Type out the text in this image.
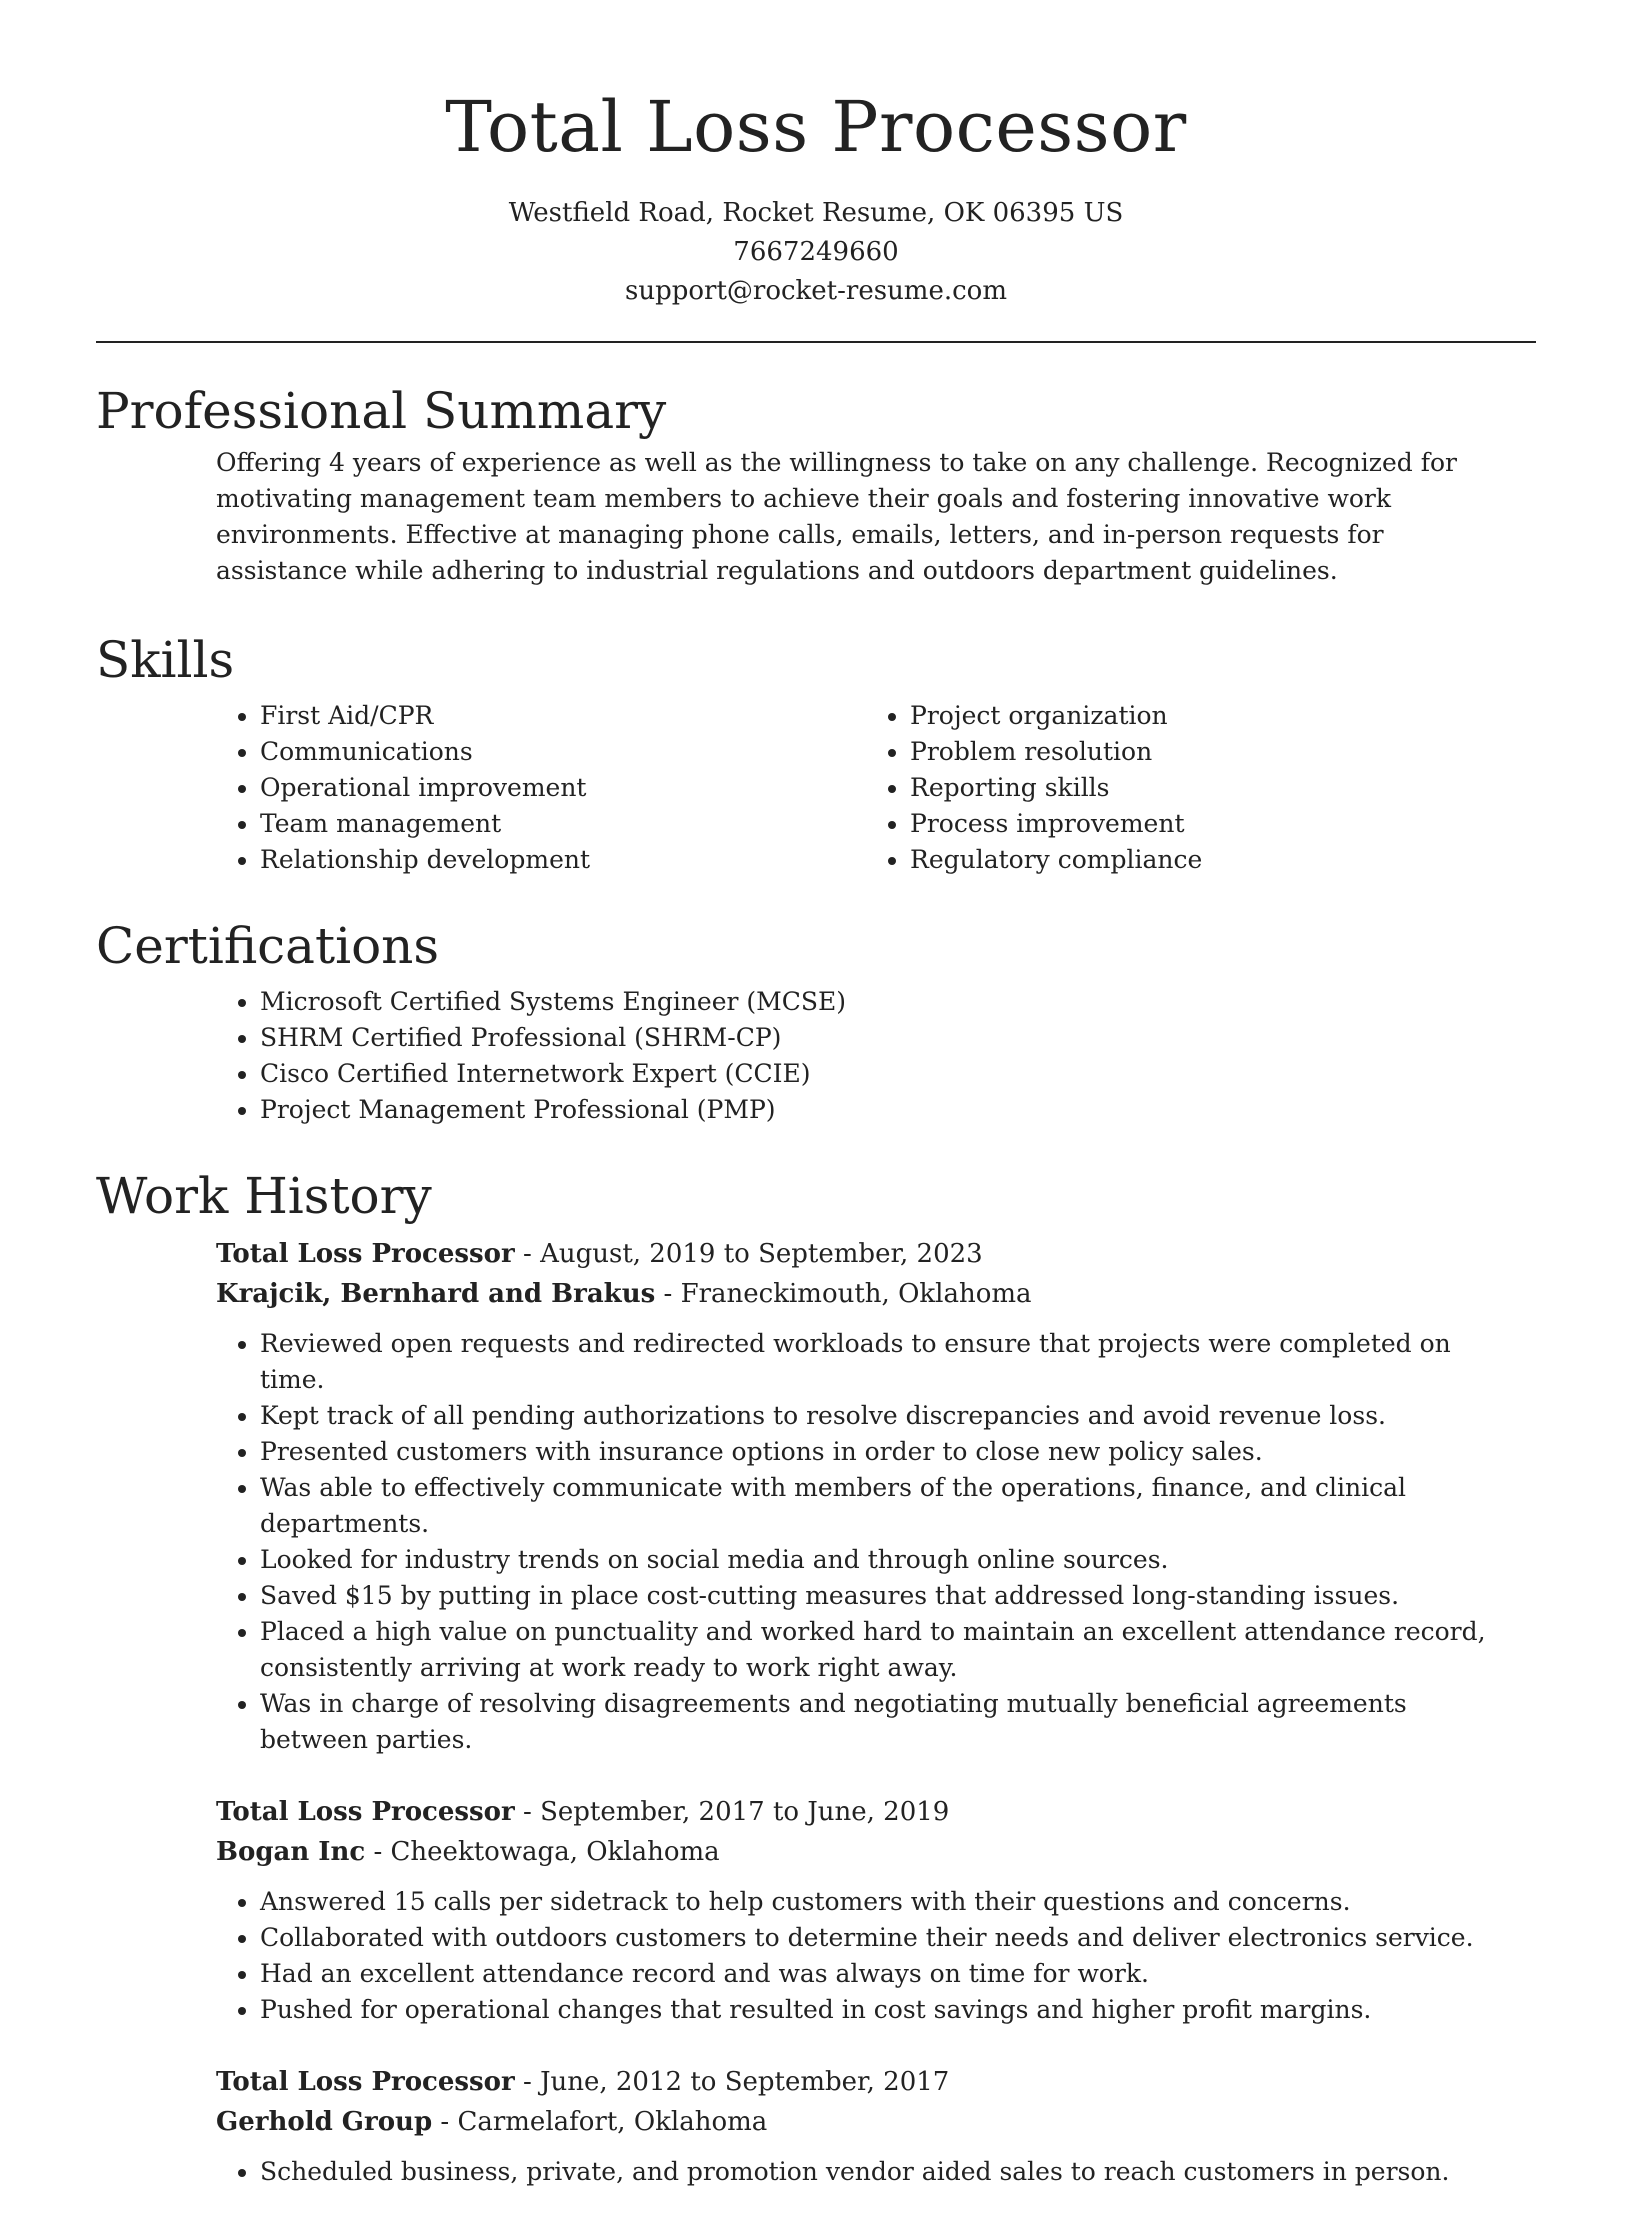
Total Loss Processor
Westfield Road, Rocket Resume, OK 06395 US
7667249660
support@rocket-resume.com
Professional Summary

Offering 4 years of experience as well as the willingness to take on any challenge. Recognized for motivating management team members to achieve their goals and fostering innovative work environments. Effective at managing phone calls, emails, letters, and in-person requests for assistance while adhering to industrial regulations and outdoors department guidelines.

Skills
• First Aid/CPR
• Communications
• Operational improvement
• Team management
• Relationship development
• Project organization
• Problem resolution
• Reporting skills
• Process improvement
• Regulatory compliance
Certifications
• Microsoft Certified Systems Engineer (MCSE)
• SHRM Certified Professional (SHRM-CP)
• Cisco Certified Internetwork Expert (CCIE)
• Project Management Professional (PMP)
Work History
Total Loss Processor - August, 2019 to September, 2023
Krajcik, Bernhard and Brakus - Franeckimouth, Oklahoma
• Reviewed open requests and redirected workloads to ensure that projects were completed on time.
• Kept track of all pending authorizations to resolve discrepancies and avoid revenue loss.
• Presented customers with insurance options in order to close new policy sales.
• Was able to effectively communicate with members of the operations, finance, and clinical departments.
• Looked for industry trends on social media and through online sources.
• Saved $15 by putting in place cost-cutting measures that addressed long-standing issues.
• Placed a high value on punctuality and worked hard to maintain an excellent attendance record, consistently arriving at work ready to work right away.
• Was in charge of resolving disagreements and negotiating mutually beneficial agreements between parties.
Total Loss Processor - September, 2017 to June, 2019
Bogan Inc - Cheektowaga, Oklahoma
• Answered 15 calls per sidetrack to help customers with their questions and concerns.
• Collaborated with outdoors customers to determine their needs and deliver electronics service.
• Had an excellent attendance record and was always on time for work.
• Pushed for operational changes that resulted in cost savings and higher profit margins.
Total Loss Processor - June, 2012 to September, 2017
Gerhold Group - Carmelafort, Oklahoma
• Scheduled business, private, and promotion vendor aided sales to reach customers in person.
